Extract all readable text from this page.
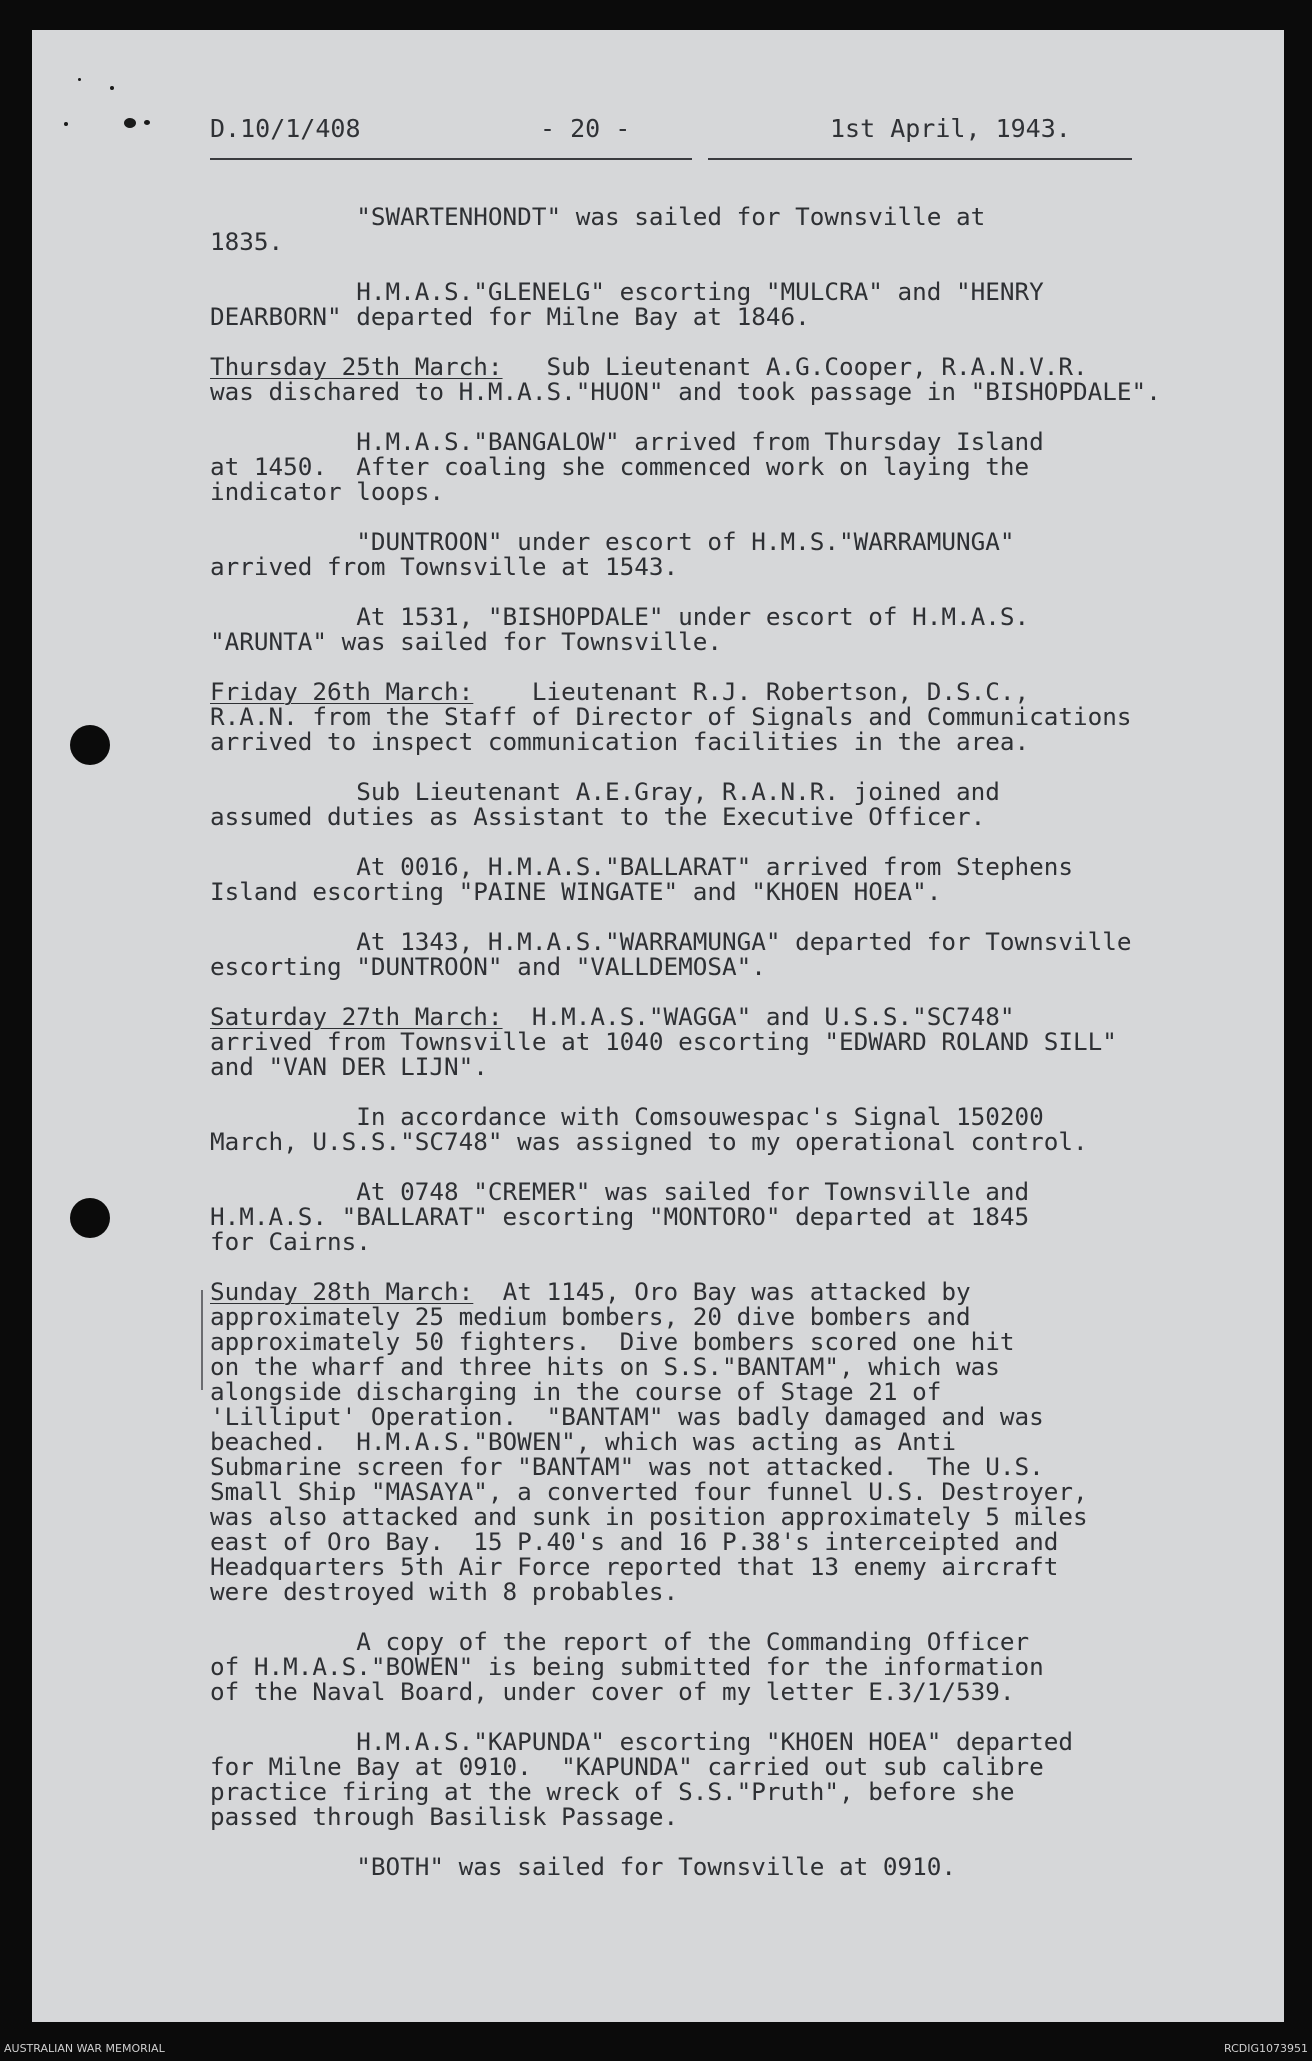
D.10/1/408	- 20 -	1st April, 1943.
"SWARTENHONDT" was sailed for Townsville at
1835.
H.M.A.S."GLENELG" escorting "MULCRA" and "HENRY
DEARBORN" departed for Milne Bay at 1846.
Thursday 25th March:   Sub Lieutenant A.G.Cooper, R.A.N.V.R.
was dischared to H.M.A.S."HUON" and took passage in "BISHOPDALE".
H.M.A.S."BANGALOW" arrived from Thursday Island
at 1450.  After coaling she commenced work on laying the
indicator loops.
"DUNTROON" under escort of H.M.S."WARRAMUNGA"
arrived from Townsville at 1543.
At 1531, "BISHOPDALE" under escort of H.M.A.S.
"ARUNTA" was sailed for Townsville.
Friday 26th March:    Lieutenant R.J. Robertson, D.S.C.,
R.A.N. from the Staff of Director of Signals and Communications
arrived to inspect communication facilities in the area.
Sub Lieutenant A.E.Gray, R.A.N.R. joined and
assumed duties as Assistant to the Executive Officer.
At 0016, H.M.A.S."BALLARAT" arrived from Stephens
Island escorting "PAINE WINGATE" and "KHOEN HOEA".
At 1343, H.M.A.S."WARRAMUNGA" departed for Townsville
escorting "DUNTROON" and "VALLDEMOSA".
Saturday 27th March:  H.M.A.S."WAGGA" and U.S.S."SC748"
arrived from Townsville at 1040 escorting "EDWARD ROLAND SILL"
and "VAN DER LIJN".
In accordance with Comsouwespac's Signal 150200
March, U.S.S."SC748" was assigned to my operational control.
At 0748 "CREMER" was sailed for Townsville and
H.M.A.S. "BALLARAT" escorting "MONTORO" departed at 1845
for Cairns.
Sunday 28th March:  At 1145, Oro Bay was attacked by
approximately 25 medium bombers, 20 dive bombers and
approximately 50 fighters.  Dive bombers scored one hit
on the wharf and three hits on S.S."BANTAM", which was
alongside discharging in the course of Stage 21 of
'Lilliput' Operation.  "BANTAM" was badly damaged and was
beached.  H.M.A.S."BOWEN", which was acting as Anti
Submarine screen for "BANTAM" was not attacked.  The U.S.
Small Ship "MASAYA", a converted four funnel U.S. Destroyer,
was also attacked and sunk in position approximately 5 miles
east of Oro Bay.  15 P.40's and 16 P.38's interceipted and
Headquarters 5th Air Force reported that 13 enemy aircraft
were destroyed with 8 probables.
A copy of the report of the Commanding Officer
of H.M.A.S."BOWEN" is being submitted for the information
of the Naval Board, under cover of my letter E.3/1/539.
H.M.A.S."KAPUNDA" escorting "KHOEN HOEA" departed
for Milne Bay at 0910.  "KAPUNDA" carried out sub calibre
practice firing at the wreck of S.S."Pruth", before she
passed through Basilisk Passage.
"BOTH" was sailed for Townsville at 0910.
AUSTRALIAN WAR MEMORIAL	RCDIG1073951
